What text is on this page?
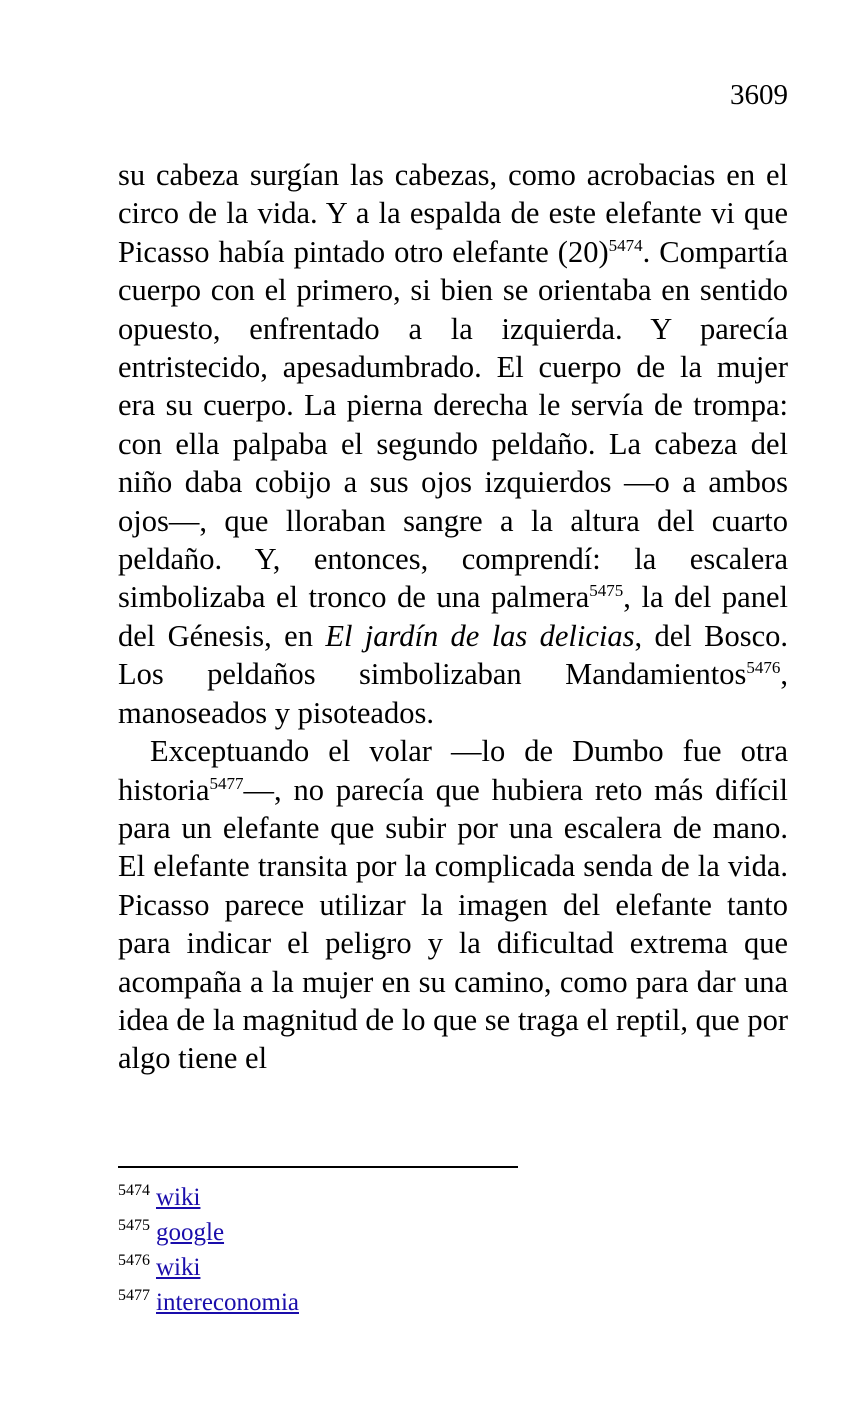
3609

su cabeza surgían las cabezas, como acrobacias en el circo de la vida. Y a la espalda de este elefante vi que Picasso había pintado otro elefante $(20)^{5474}$. Compartía cuerpo con el primero, si bien se orientaba en sentido opuesto, enfrentado a la izquierda. Y parecía entristecido, apesadumbrado. El cuerpo de la mujer era su cuerpo. La pierna derecha le servía de trompa: con ella palpaba el segundo peldaño. La cabeza del niño daba cobijo a sus ojos izquierdos —o a ambos ojos—, que lloraban sangre a la altura del cuarto peldaño. Y, entonces, comprendí: la escalera simbolizaba el tronco de una palmera$^{5475}$, la del panel del Génesis, en El jardín de las delicias, del Bosco. Los peldaños simbolizaban Mandamientos$^{5476}$, manoseados y pisoteados.

Exceptuando el volar —lo de Dumbo fue otra historia$^{5477}$—, no parecía que hubiera reto más difícil para un elefante que subir por una escalera de mano. El elefante transita por la complicada senda de la vida. Picasso parece utilizar la imagen del elefante tanto para indicar el peligro y la dificultad extrema que acompaña a la mujer en su camino, como para dar una idea de la magnitud de lo que se traga el reptil, que por algo tiene el

$^{5474}$ wiki
$^{5475}$ google
$^{5476}$ wiki
$^{5477}$ intereconomia
